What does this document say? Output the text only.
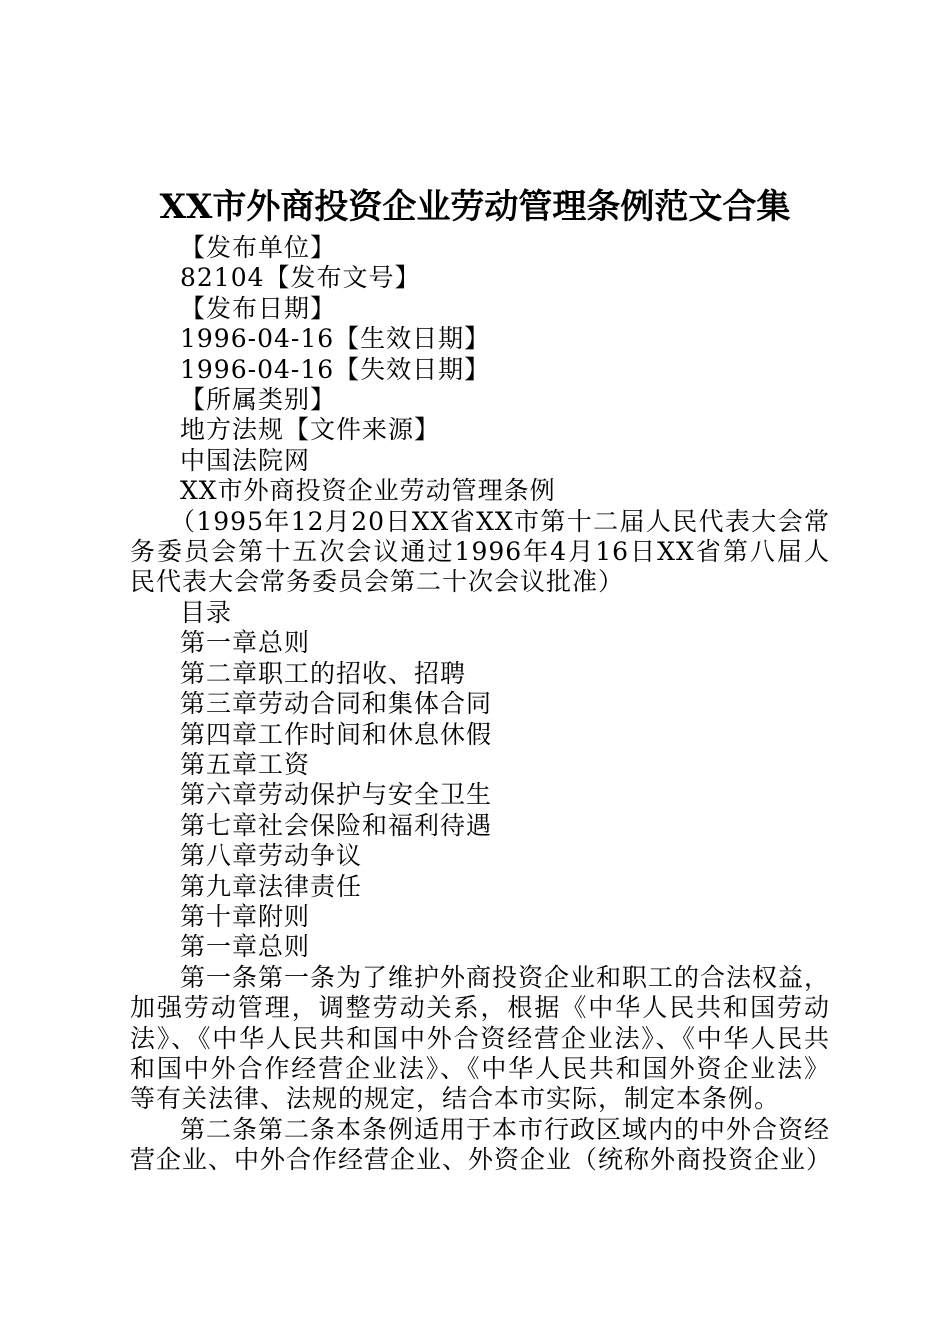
XX市外商投资企业劳动管理条例范文合集
【发布单位】
82104【发布文号】
【发布日期】
1996-04-16【生效日期】
1996-04-16【失效日期】
【所属类别】
地方法规【文件来源】
中国法院网
XX市外商投资企业劳动管理条例
（1995年12月20日XX省XX市第十二届人民代表大会常务委员会第十五次会议通过1996年4月16日XX省第八届人民代表大会常务委员会第二十次会议批准）
目录
第一章总则
第二章职工的招收、招聘
第三章劳动合同和集体合同
第四章工作时间和休息休假
第五章工资
第六章劳动保护与安全卫生
第七章社会保险和福利待遇
第八章劳动争议
第九章法律责任
第十章附则
第一章总则
第一条第一条为了维护外商投资企业和职工的合法权益，加强劳动管理，调整劳动关系，根据《中华人民共和国劳动法》、《中华人民共和国中外合资经营企业法》、《中华人民共和国中外合作经营企业法》、《中华人民共和国外资企业法》等有关法律、法规的规定，结合本市实际，制定本条例。
第二条第二条本条例适用于本市行政区域内的中外合资经营企业、中外合作经营企业、外资企业（统称外商投资企业）
